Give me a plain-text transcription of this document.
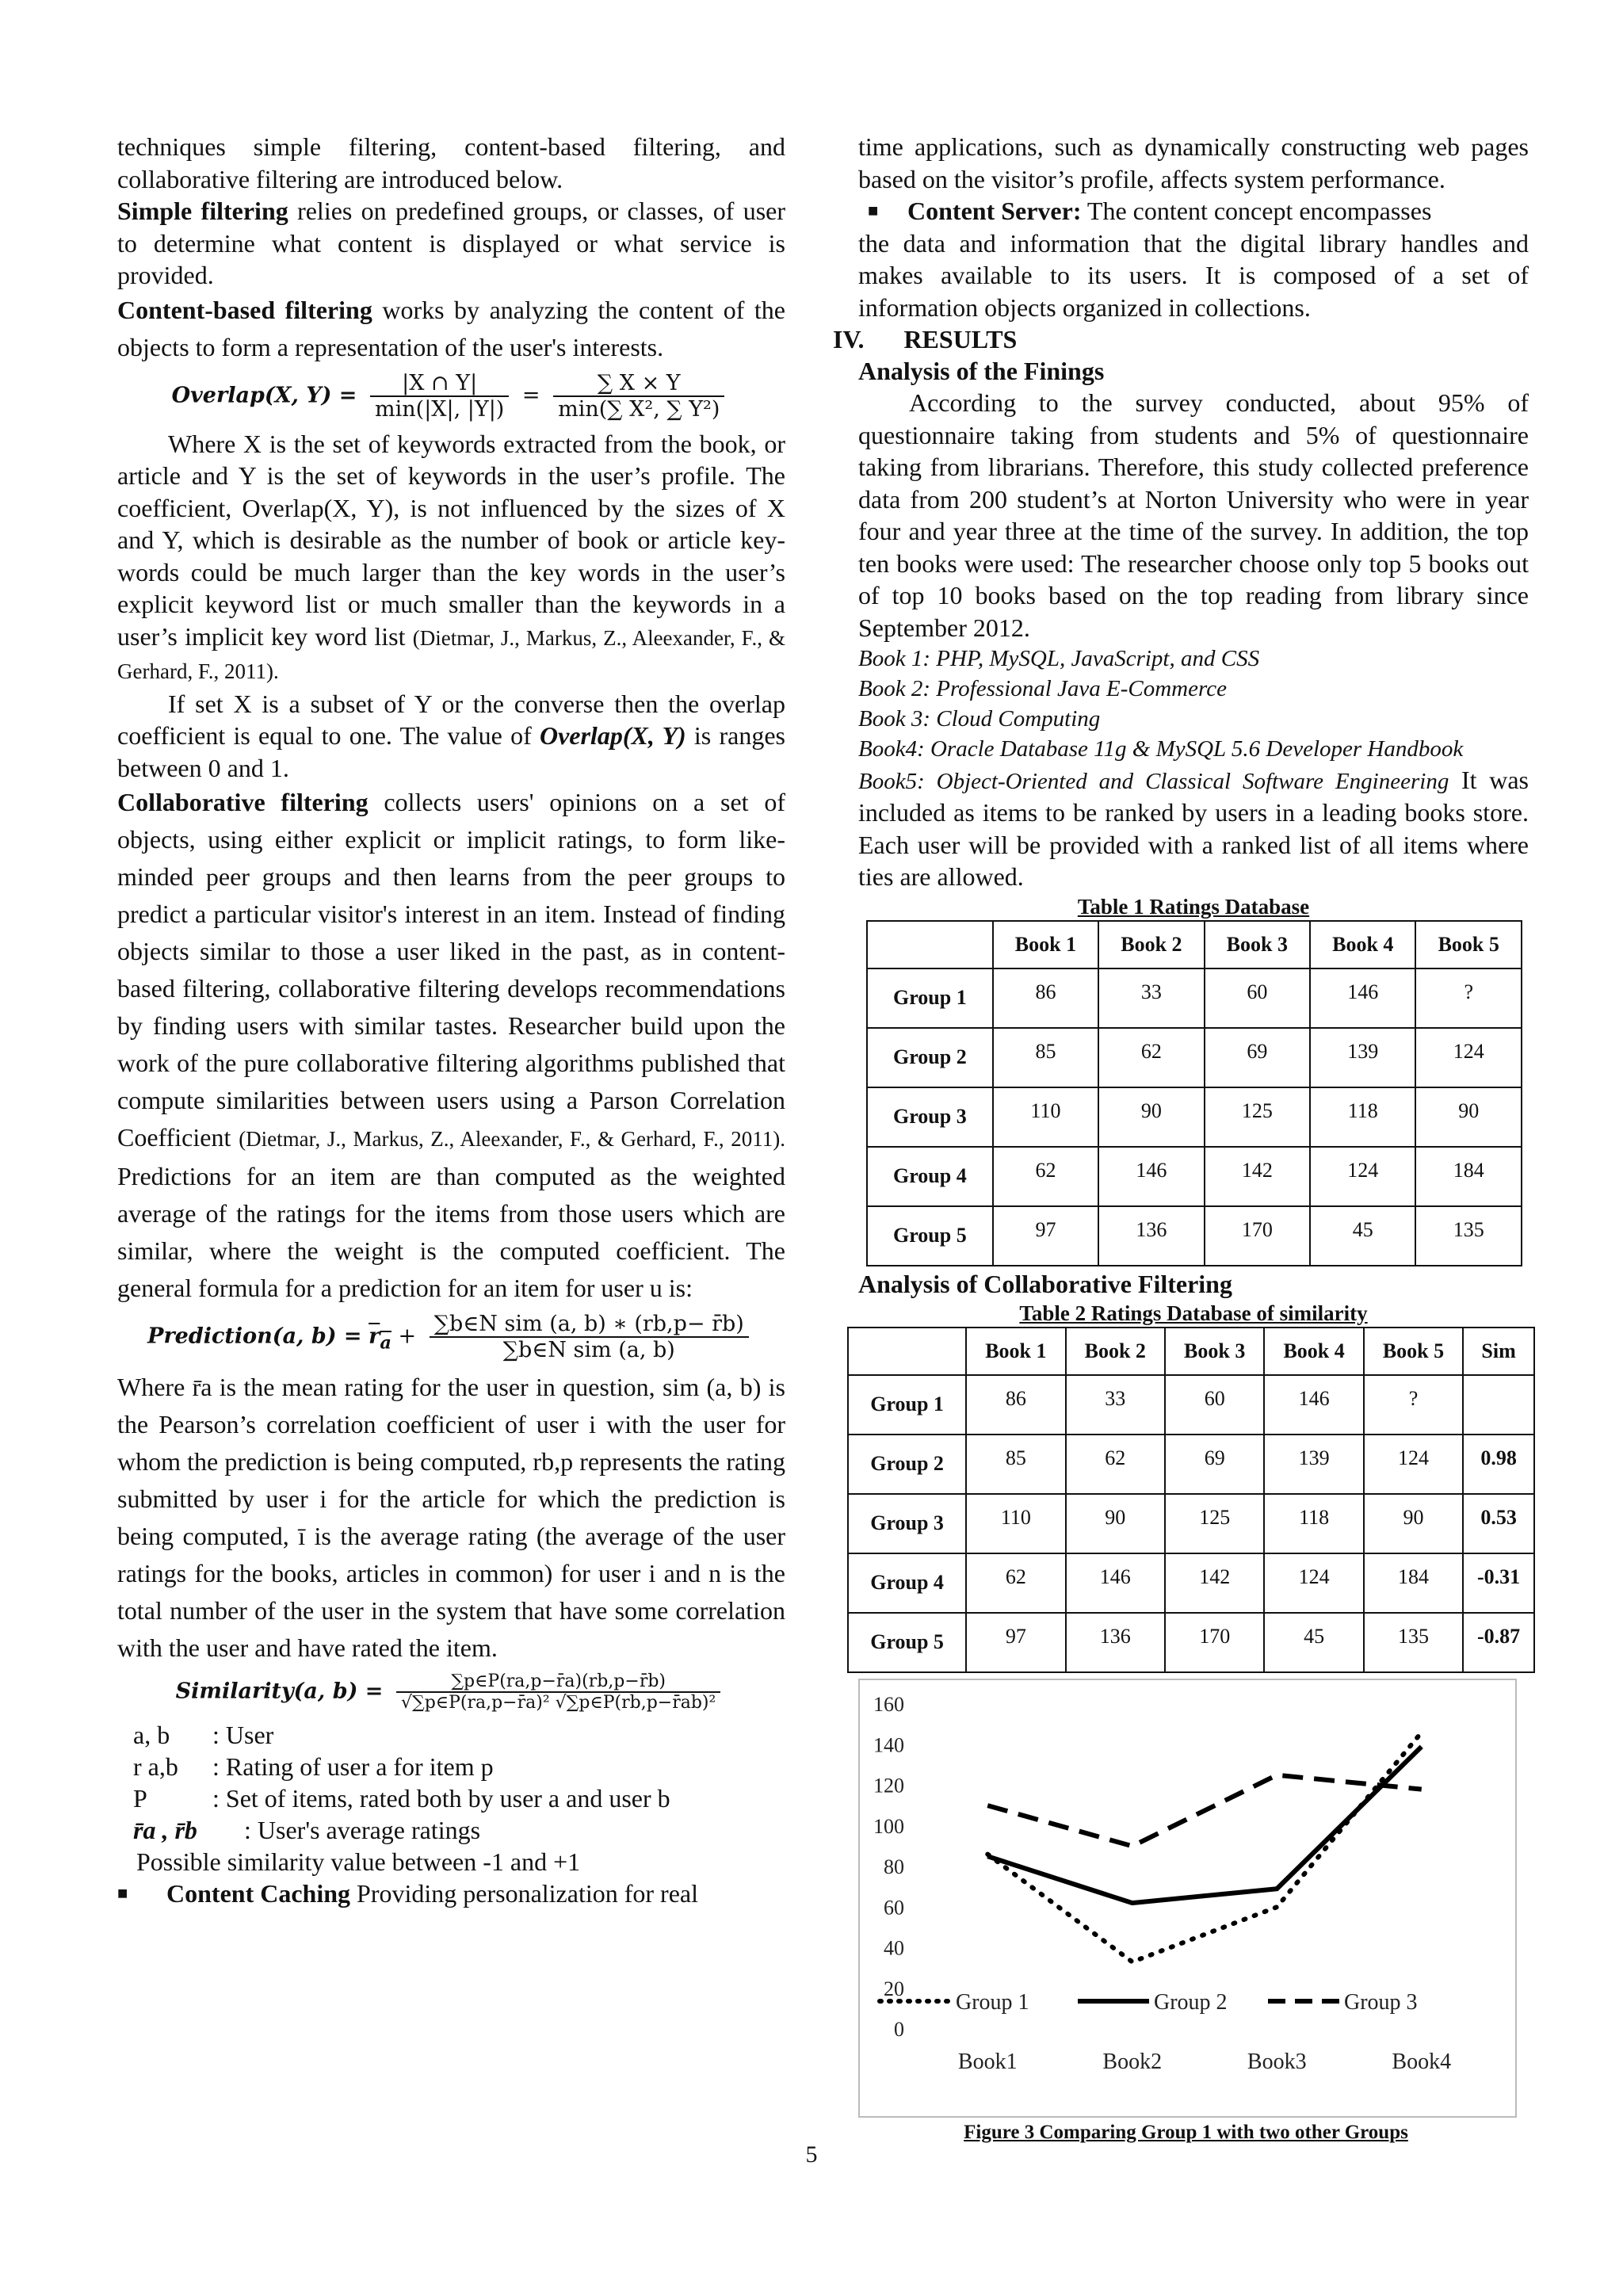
techniques simple filtering, content-based filtering, and collaborative filtering are introduced below.

Simple filtering relies on predefined groups, or classes, of user to determine what content is displayed or what service is provided.

Content-based filtering works by analyzing the content of the objects to form a representation of the user's interests.

Overlap(X, $Y) = \frac{|X \cap Y|}{\min(|X|, |Y|)} = \frac{\sum X \times Y}{\text{min(∑ X², ∑ Y²)}}$

Where X is the set of keywords extracted from the book, or article and Y is the set of keywords in the user’s profile. The coefficient, Overlap(X, Y), is not influenced by the sizes of X and Y, which is desirable as the number of book or article key-words could be much larger than the key words in the user’s explicit keyword list or much smaller than the keywords in a user’s implicit key word list (Dietmar, J., Markus, Z., Aleexander, F., & Gerhard, F., 2011).

If set X is a subset of Y or the converse then the overlap coefficient is equal to one. The value of Overlap(X, Y) is ranges between 0 and 1.

Collaborative filtering collects users' opinions on a set of objects, using either explicit or implicit ratings, to form like-minded peer groups and then learns from the peer groups to predict a particular visitor's interest in an item. Instead of finding objects similar to those a user liked in the past, as in content-based filtering, collaborative filtering develops recommendations by finding users with similar tastes. Researcher build upon the work of the pure collaborative filtering algorithms published that compute similarities between users using a Parson Correlation Coefficient (Dietmar, J., Markus, Z., Aleexander, F., & Gerhard, F., 2011). Predictions for an item are than computed as the weighted average of the ratings for the items from those users which are similar, where the weight is the computed coefficient. The general formula for a prediction for an item for user u is:

Prediction(a, $b) = r_a + \frac{\text{∑b∈N sim (a, b) ∗ (rb,p− r̄b)}}{\text{∑b∈N sim (a, b)}}$

Where r̄a is the mean rating for the user in question, sim (a, b) is the Pearson’s correlation coefficient of user i with the user for whom the prediction is being computed, rb,p represents the rating submitted by user i for the article for which the prediction is being computed, ī is the average rating (the average of the user ratings for the books, articles in common) for user i and n is the total number of the user in the system that have some correlation with the user and have rated the item.

Similarity(a, $b) = \frac{\sum p\in P(ra,p-r̄a)(rb,p-r̄b)}{\text{√∑p∈P(ra,p−r̄a)² √∑p∈P(rb,p−r̄ab)²}}$
a, b : User
r a,b : Rating of user a for item p
P	: Set of items, rated both by user a and user b
r̄a , r̄b : User's average ratings
Possible similarity value between -1 and +1

■ Content Caching Providing personalization for real

time applications, such as dynamically constructing web pages based on the visitor’s profile, affects system performance.

■ Content Server: The content concept encompasses

the data and information that the digital library handles and makes available to its users. It is composed of a set of information objects organized in collections.

IV. RESULTS
Analysis of the Finings

According to the survey conducted, about 95% of questionnaire taking from students and 5% of questionnaire taking from librarians. Therefore, this study collected preference data from 200 student’s at Norton University who were in year four and year three at the time of the survey. In addition, the top ten books were used: The researcher choose only top 5 books out of top 10 books based on the top reading from library since September 2012.

Book 1: PHP, MySQL, JavaScript, and CSS
Book 2: Professional Java E-Commerce
Book 3: Cloud Computing
Book4: Oracle Database 11g & MySQL 5.6 Developer Handbook

Book5: Object-Oriented and Classical Software Engineering It was included as items to be ranked by users in a leading books store. Each user will be provided with a ranked list of all items where ties are allowed.

Table 1 Ratings Database
	Book 1	Book 2	Book 3	Book 4	Book 5
Group 1	86	33	60	146	?
Group 2	85	62	69	139	124
Group 3	110	90	125	118	90
Group 4	62	146	142	124	184
Group 5	97	136	170	45	135
Analysis of Collaborative Filtering
Table 2 Ratings Database of similarity
	Book 1	Book 2	Book 3	Book 4	Book 5	Sim
Group 1	86	33	60	146	?	
Group 2	85	62	69	139	124	0.98
Group 3	110	90	125	118	90	0.53
Group 4	62	146	142	124	184	-0.31
Group 5	97	136	170	45	135	-0.87
0
20
40
60
80
100
120
140
160
Book1	Book2	Book3	Book4
Group 1	Group 2	Group 3
Figure 3 Comparing Group 1 with two other Groups
5
